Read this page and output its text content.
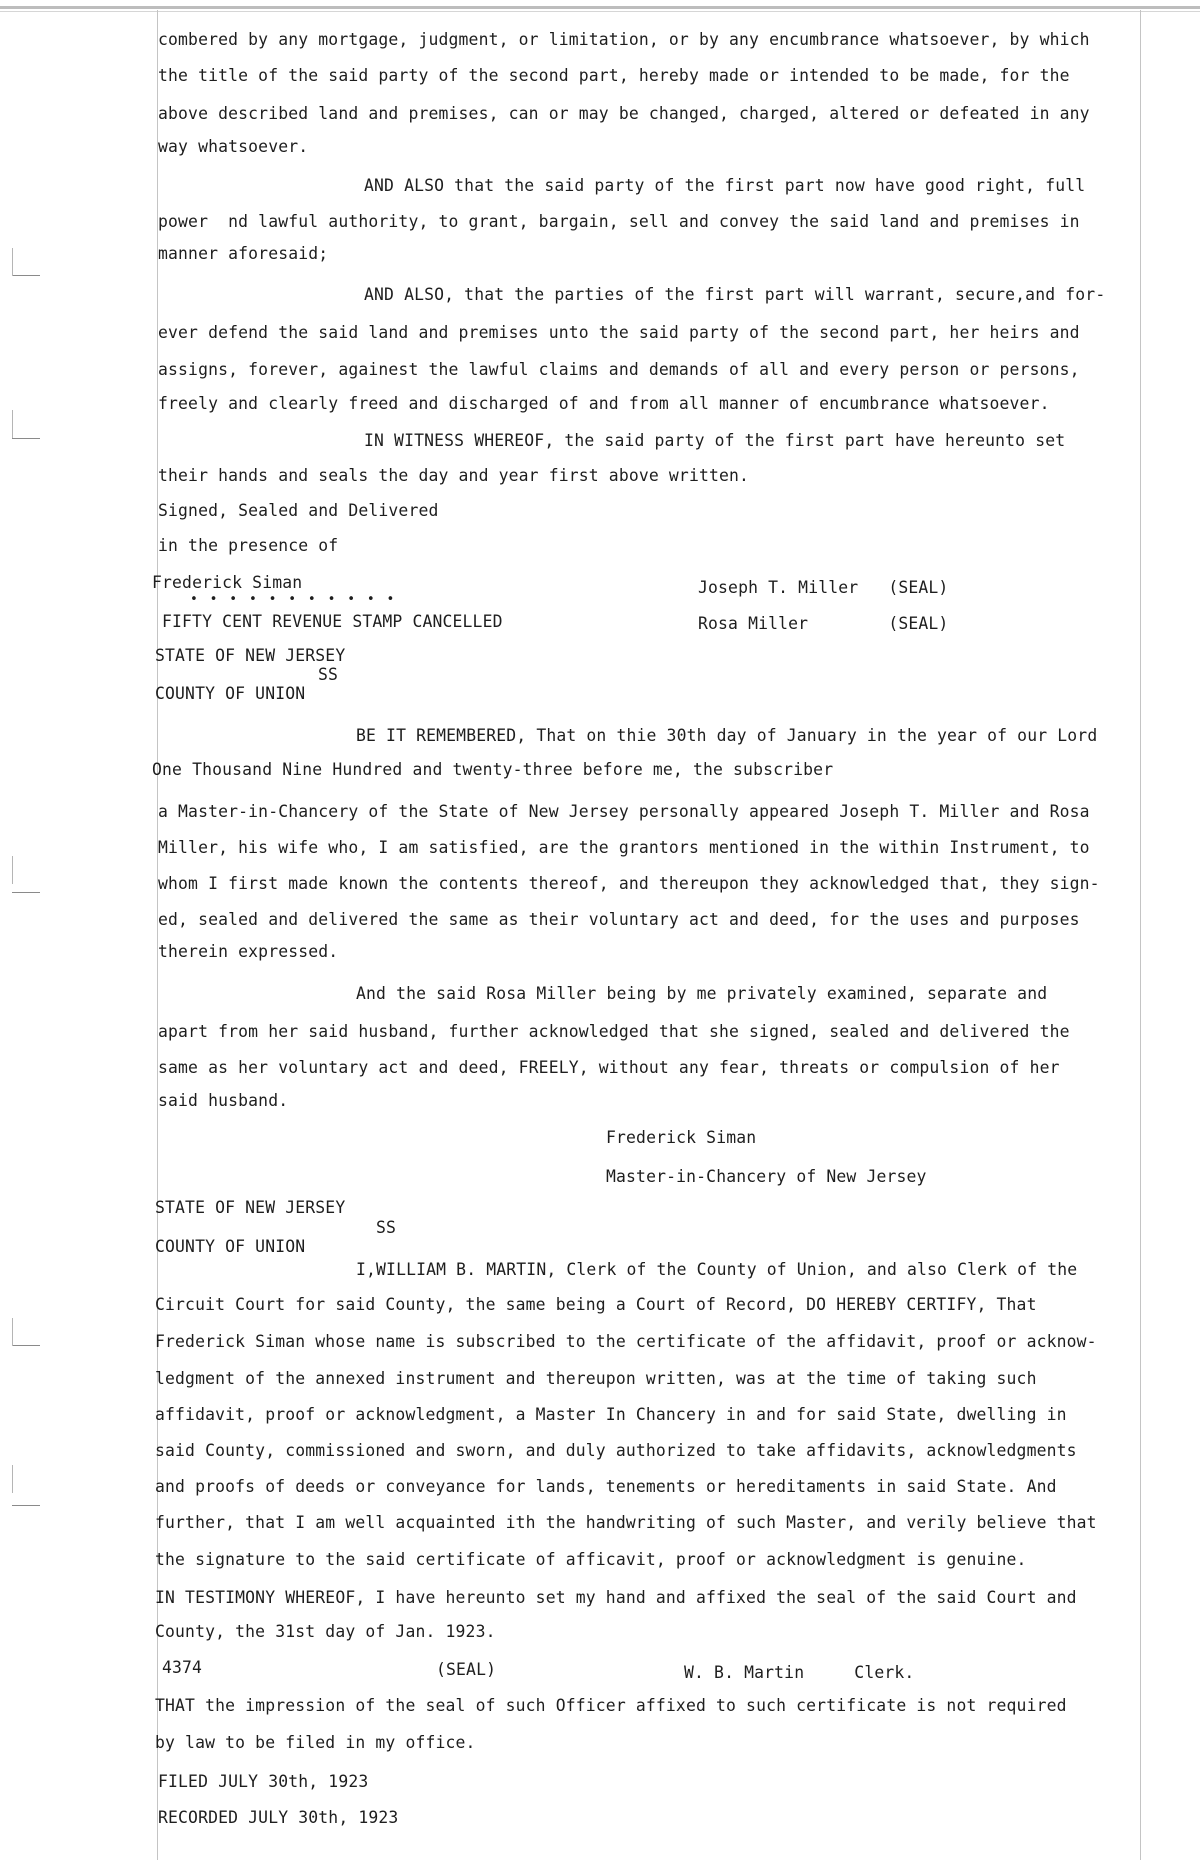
combered by any mortgage, judgment, or limitation, or by any encumbrance whatsoever, by which
the title of the said party of the second part, hereby made or intended to be made, for the
above described land and premises, can or may be changed, charged, altered or defeated in any
way whatsoever.
AND ALSO that the said party of the first part now have good right, full
power  nd lawful authority, to grant, bargain, sell and convey the said land and premises in
manner aforesaid;
AND ALSO, that the parties of the first part will warrant, secure,and for-
ever defend the said land and premises unto the said party of the second part, her heirs and
assigns, forever, againest the lawful claims and demands of all and every person or persons,
freely and clearly freed and discharged of and from all manner of encumbrance whatsoever.
IN WITNESS WHEREOF, the said party of the first part have hereunto set
their hands and seals the day and year first above written.
Signed, Sealed and Delivered
in the presence of
Frederick Siman	Joseph T. Miller   (SEAL)
• • • • • • • • • • •
FIFTY CENT REVENUE STAMP CANCELLED	Rosa Miller        (SEAL)
STATE OF NEW JERSEY
SS
COUNTY OF UNION
BE IT REMEMBERED, That on thie 30th day of January in the year of our Lord
One Thousand Nine Hundred and twenty-three before me, the subscriber
a Master-in-Chancery of the State of New Jersey personally appeared Joseph T. Miller and Rosa
Miller, his wife who, I am satisfied, are the grantors mentioned in the within Instrument, to
whom I first made known the contents thereof, and thereupon they acknowledged that, they sign-
ed, sealed and delivered the same as their voluntary act and deed, for the uses and purposes
therein expressed.
And the said Rosa Miller being by me privately examined, separate and
apart from her said husband, further acknowledged that she signed, sealed and delivered the
same as her voluntary act and deed, FREELY, without any fear, threats or compulsion of her
said husband.
Frederick Siman
Master-in-Chancery of New Jersey
STATE OF NEW JERSEY
SS
COUNTY OF UNION
I,WILLIAM B. MARTIN, Clerk of the County of Union, and also Clerk of the
Circuit Court for said County, the same being a Court of Record, DO HEREBY CERTIFY, That
Frederick Siman whose name is subscribed to the certificate of the affidavit, proof or acknow-
ledgment of the annexed instrument and thereupon written, was at the time of taking such
affidavit, proof or acknowledgment, a Master In Chancery in and for said State, dwelling in
said County, commissioned and sworn, and duly authorized to take affidavits, acknowledgments
and proofs of deeds or conveyance for lands, tenements or hereditaments in said State. And
further, that I am well acquainted ith the handwriting of such Master, and verily believe that
the signature to the said certificate of afficavit, proof or acknowledgment is genuine.
IN TESTIMONY WHEREOF, I have hereunto set my hand and affixed the seal of the said Court and
County, the 31st day of Jan. 1923.
4374	(SEAL)	W. B. Martin     Clerk.
THAT the impression of the seal of such Officer affixed to such certificate is not required
by law to be filed in my office.
FILED JULY 30th, 1923
RECORDED JULY 30th, 1923
